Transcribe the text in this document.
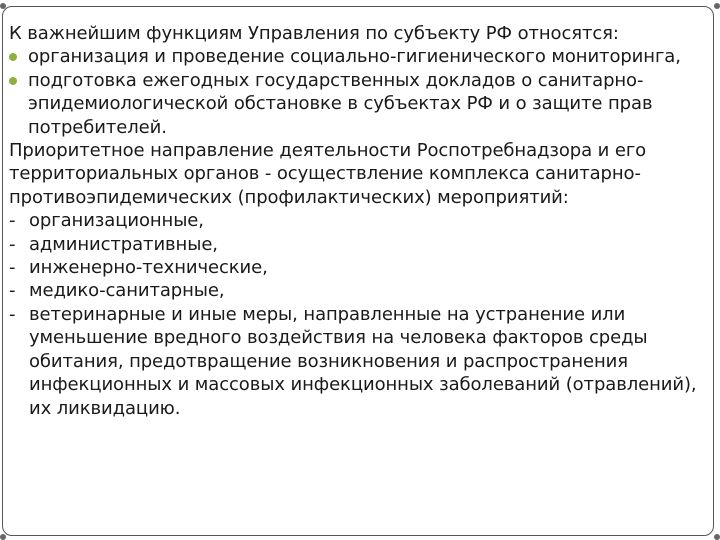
К важнейшим функциям Управления по субъекту РФ относятся:

организация и проведение социально-гигиенического мониторинга,
подготовка ежегодных государственных докладов о санитарно-эпидемиологической обстановке в субъектах РФ и о защите прав потребителей.

Приоритетное направление деятельности Роспотребнадзора и его территориальных органов - осуществление комплекса санитарно-противоэпидемических (профилактических) мероприятий:

- организационные,
- административные,
- инженерно-технические,
- медико-санитарные,
- ветеринарные и иные меры, направленные на устранение или уменьшение вредного воздействия на человека факторов среды обитания, предотвращение возникновения и распространения инфекционных и массовых инфекционных заболеваний (отравлений), их ликвидацию.
